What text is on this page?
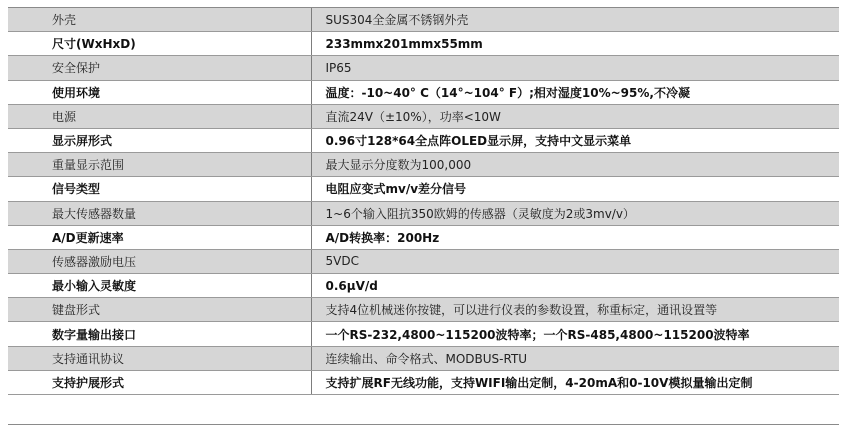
外壳	SUS304全金属不锈钢外壳
尺寸(WxHxD)	233mmx201mmx55mm
安全保护	IP65
使用环境	温度：-10~40° C（14°~104° F）;相对湿度10%~95%,不冷凝
电源	直流24V（±10%），功率<10W
显示屏形式	0.96寸128*64全点阵OLED显示屏，支持中文显示菜单
重量显示范围	最大显示分度数为100,000
信号类型	电阻应变式mv/v差分信号
最大传感器数量	1~6个输入阻抗350欧姆的传感器（灵敏度为2或3mv/v）
A/D更新速率	A/D转换率：200Hz
传感器激励电压	5VDC
最小输入灵敏度	0.6μV/d
键盘形式	支持4位机械迷你按键，可以进行仪表的参数设置，称重标定，通讯设置等
数字量输出接口	一个RS-232,4800~115200波特率；一个RS-485,4800~115200波特率
支持通讯协议	连续输出、命令格式、MODBUS-RTU
支持护展形式	支持扩展RF无线功能，支持WIFI输出定制，4-20mA和0-10V模拟量输出定制
